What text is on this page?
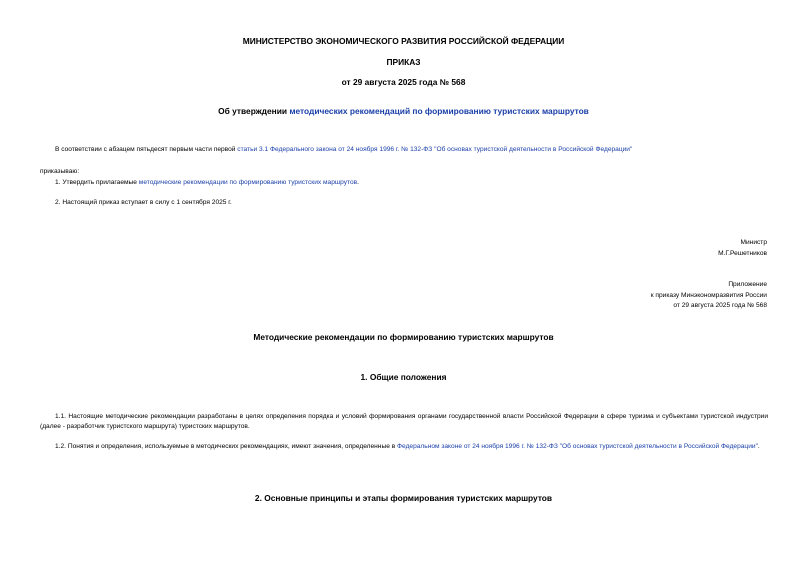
МИНИСТЕРСТВО ЭКОНОМИЧЕСКОГО РАЗВИТИЯ РОССИЙСКОЙ ФЕДЕРАЦИИ
ПРИКАЗ
от 29 августа 2025 года № 568
Об утверждении методических рекомендаций по формированию туристских маршрутов
В соответствии с абзацем пятьдесят первым части первой статьи 3.1 Федерального закона от 24 ноября 1996 г. № 132-ФЗ "Об основах туристской деятельности в Российской Федерации"
приказываю:
1. Утвердить прилагаемые методические рекомендации по формированию туристских маршрутов.
2. Настоящий приказ вступает в силу с 1 сентября 2025 г.
Министр
М.Г.Решетников
Приложение
к приказу Минэкономразвития России
от 29 августа 2025 года № 568
Методические рекомендации по формированию туристских маршрутов
1. Общие положения
1.1. Настоящие методические рекомендации разработаны в целях определения порядка и условий формирования органами государственной власти Российской Федерации в сфере туризма и субъектами туристской индустрии (далее - разработчик туристского маршрута) туристских маршрутов.
1.2. Понятия и определения, используемые в методических рекомендациях, имеют значения, определенные в Федеральном законе от 24 ноября 1996 г. № 132-ФЗ "Об основах туристской деятельности в Российской Федерации".
2. Основные принципы и этапы формирования туристских маршрутов
